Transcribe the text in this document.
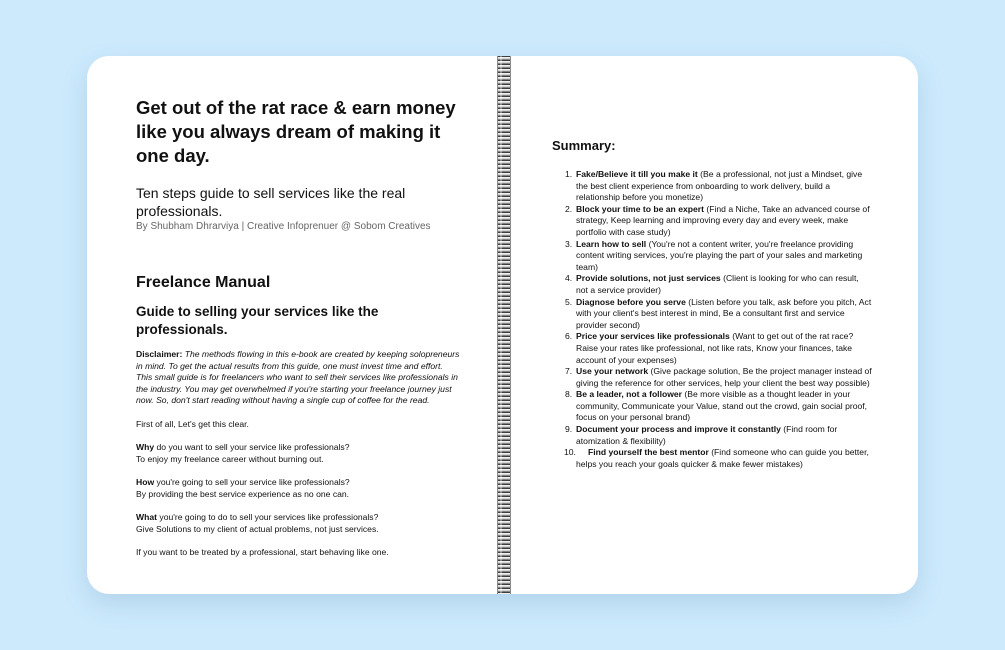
Get out of the rat race & earn money like you always dream of making it one day.

Ten steps guide to sell services like the real professionals.

By Shubham Dhrarviya | Creative Infoprenuer @ Sobom Creatives

Freelance Manual
Guide to selling your services like the professionals.

Disclaimer: The methods flowing in this e-book are created by keeping solopreneurs in mind. To get the actual results from this guide, one must invest time and effort. This small guide is for freelancers who want to sell their services like professionals in the industry. You may get overwhelmed if you're starting your freelance journey just now. So, don't start reading without having a single cup of coffee for the read.

First of all, Let's get this clear.

Why do you want to sell your service like professionals?
To enjoy my freelance career without burning out.

How you're going to sell your service like professionals?
By providing the best service experience as no one can.

What you're going to do to sell your services like professionals?
Give Solutions to my client of actual problems, not just services.

If you want to be treated by a professional, start behaving like one.

Summary:
1. Fake/Believe it till you make it (Be a professional, not just a Mindset, give the best client experience from onboarding to work delivery, build a relationship before you monetize)
2. Block your time to be an expert (Find a Niche, Take an advanced course of strategy, Keep learning and improving every day and every week, make portfolio with case study)
3. Learn how to sell (You're not a content writer, you're freelance providing content writing services, you're playing the part of your sales and marketing team)
4. Provide solutions, not just services (Client is looking for who can result, not a service provider)
5. Diagnose before you serve (Listen before you talk, ask before you pitch, Act with your client's best interest in mind, Be a consultant first and service provider second)
6. Price your services like professionals (Want to get out of the rat race? Raise your rates like professional, not like rats, Know your finances, take account of your expenses)
7. Use your network (Give package solution, Be the project manager instead of giving the reference for other services, help your client the best way possible)
8. Be a leader, not a follower (Be more visible as a thought leader in your community, Communicate your Value, stand out the crowd, gain social proof, focus on your personal brand)
9. Document your process and improve it constantly (Find room for atomization & flexibility)
10. Find yourself the best mentor (Find someone who can guide you better, helps you reach your goals quicker & make fewer mistakes)
